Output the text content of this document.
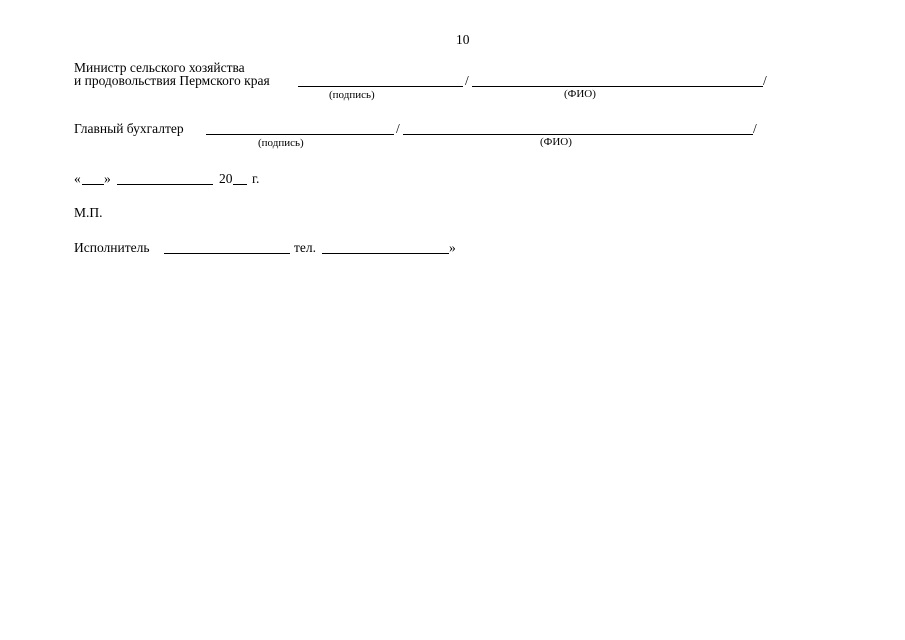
10
Министр сельского хозяйства
и продовольствия Пермского края	/	/
(подпись)	(ФИО)
Главный бухгалтер	/	/
(подпись)	(ФИО)
« »	20 г.
М.П.
Исполнитель	тел.	»
